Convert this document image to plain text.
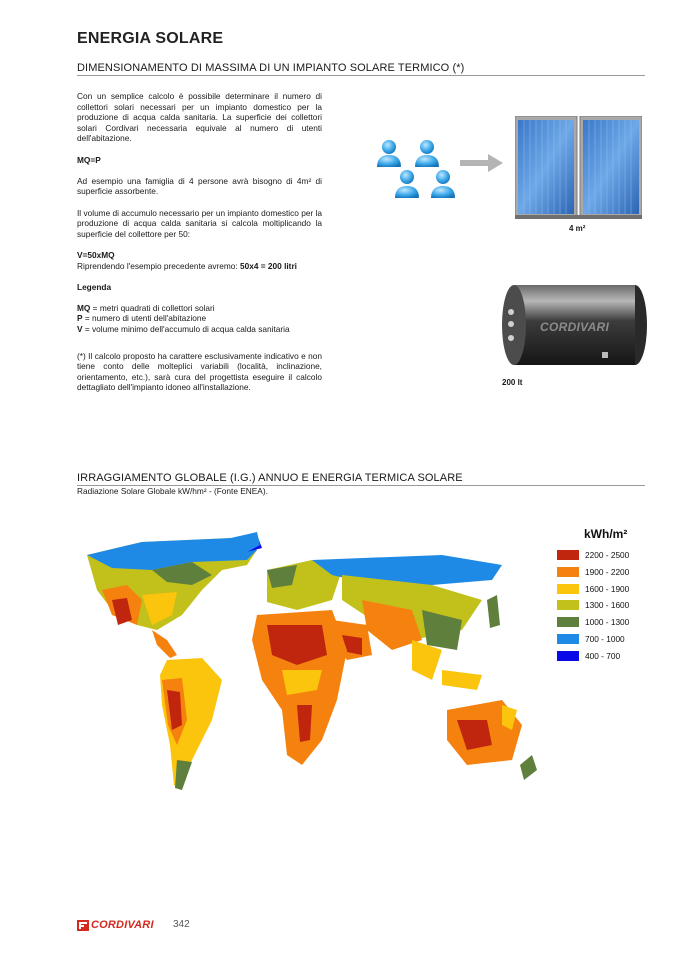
ENERGIA SOLARE
DIMENSIONAMENTO DI MASSIMA DI UN IMPIANTO SOLARE TERMICO (*)
Con un semplice calcolo è possibile determinare il numero di collettori solari necessari per un impianto domestico per la produzione di acqua calda sanitaria. La superficie dei collettori solari Cordivari necessaria equivale al numero di utenti dell'abitazione.
MQ=P
Ad esempio una famiglia di 4 persone avrà bisogno di 4m² di superficie assorbente.
Il volume di accumulo necessario per un impianto domestico per la produzione di acqua calda sanitaria si calcola moltiplicando la superficie del collettore per 50:
V=50xMQ
Riprendendo l'esempio precedente avremo: 50x4 = 200 litri
Legenda
MQ = metri quadrati di collettori solari
P = numero di utenti dell'abitazione
V = volume minimo dell'accumulo di acqua calda sanitaria
(*) Il calcolo proposto ha carattere esclusivamente indicativo e non tiene conto delle molteplici variabili (località, inclinazione, orientamento, etc.), sarà cura del progettista eseguire il calcolo dettagliato dell'impianto idoneo all'installazione.
4 m²
CORDIVARI
200 lt
IRRAGGIAMENTO GLOBALE (I.G.) ANNUO E ENERGIA TERMICA SOLARE
Radiazione Solare Globale kW/hm² - (Fonte ENEA).
kWh/m²
2200 - 2500
1900 - 2200
1600 - 1900
1300 - 1600
1000 - 1300
700 - 1000
400 - 700
CORDIVARI 342
